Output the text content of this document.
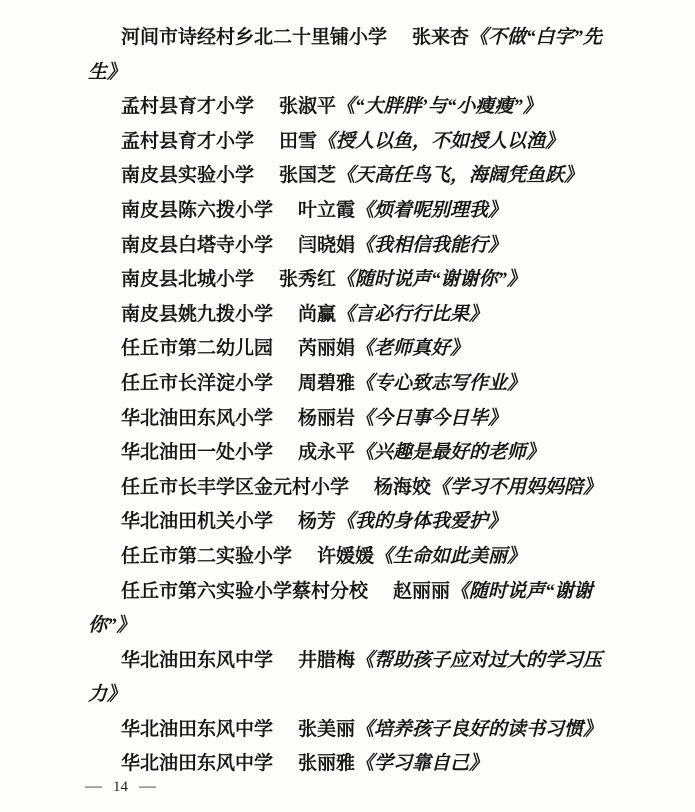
河间市诗经村乡北二十里铺小学 张来杏《不做“白字”先生》

孟村县育才小学 张淑平《“大胖胖’与“小瘦瘦”》

孟村县育才小学 田雪《授人以鱼，不如授人以渔》

南皮县实验小学 张国芝《天高任鸟飞，海阔凭鱼跃》

南皮县陈六拨小学 叶立霞《烦着呢别理我》

南皮县白塔寺小学 闫晓娟《我相信我能行》

南皮县北城小学 张秀红《随时说声“谢谢你”》

南皮县姚九拨小学 尚赢《言必行行比果》

任丘市第二幼儿园 芮丽娟《老师真好》

任丘市长洋淀小学 周碧雅《专心致志写作业》

华北油田东风小学 杨丽岩《今日事今日毕》

华北油田一处小学 成永平《兴趣是最好的老师》

任丘市长丰学区金元村小学 杨海姣《学习不用妈妈陪》

华北油田机关小学 杨芳《我的身体我爱护》

任丘市第二实验小学 许媛媛《生命如此美丽》

任丘市第六实验小学蔡村分校 赵丽丽《随时说声“谢谢你”》

华北油田东风中学 井腊梅《帮助孩子应对过大的学习压力》

华北油田东风中学 张美丽《培养孩子良好的读书习惯》

华北油田东风中学 张丽雅《学习靠自己》

— 14 —
